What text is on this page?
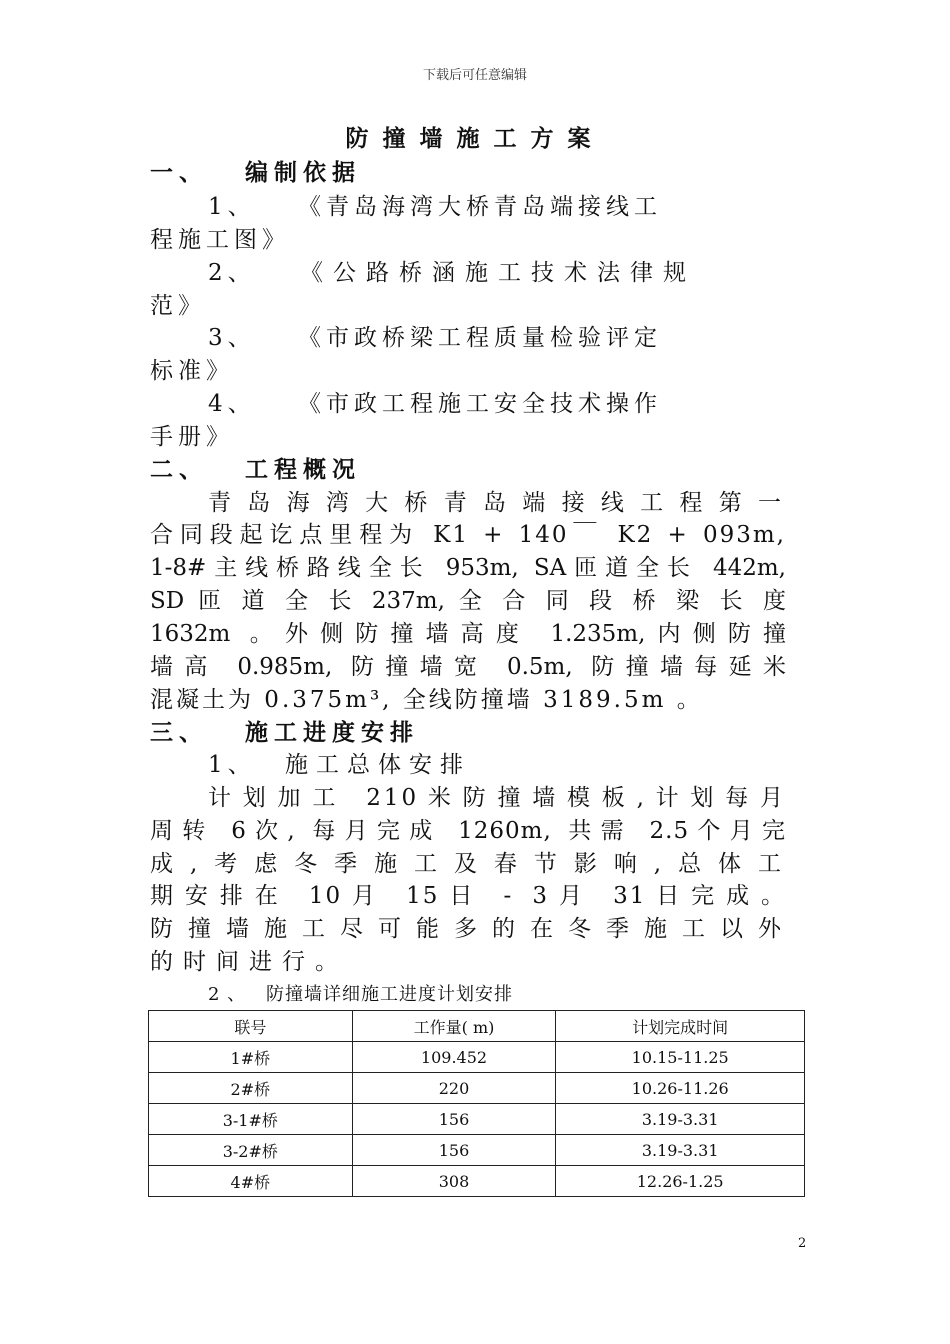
下载后可任意编辑
防撞墙施工方案
一、 编制依据
1、 《青岛海湾大桥青岛端接线工
程施工图》
2、 《公路桥涵施工技术法律规
范》
3、 《市政桥梁工程质量检验评定
标准》
4、 《市政工程施工安全技术操作
手册》
二、 工程概况
青岛海湾大桥青岛端接线工程第一
合同段起讫点里程为 K1 + 140￣ K2 + 093m,
1-8#主线桥路线全长 953m, SA匝道全长 442m,
SD 匝 道 全 长 237m, 全 合 同 段 桥 梁 长 度
1632m 。外侧防撞墙高度 1.235m,内侧防撞
墙高 0.985m, 防撞墙宽 0.5m, 防撞墙每延米
混凝土为 0.375m³, 全线防撞墙 3189.5m 。
三、 施工进度安排
1、 施工总体安排
计划加工 210米防撞墙模板,计划每月
周转 6次, 每月完成 1260m, 共需 2.5个月完
成,考虑冬季施工及春节影响,总体工
期安排在 10月 15日 - 3月 31日完成。
防撞墙施工尽可能多的在冬季施工以外
的时间进行。
2 、 防撞墙详细施工进度计划安排
联号	工作量( m)	计划完成时间
1#桥	109.452	10.15-11.25
2#桥	220	10.26-11.26
3-1#桥	156	3.19-3.31
3-2#桥	156	3.19-3.31
4#桥	308	12.26-1.25
2
